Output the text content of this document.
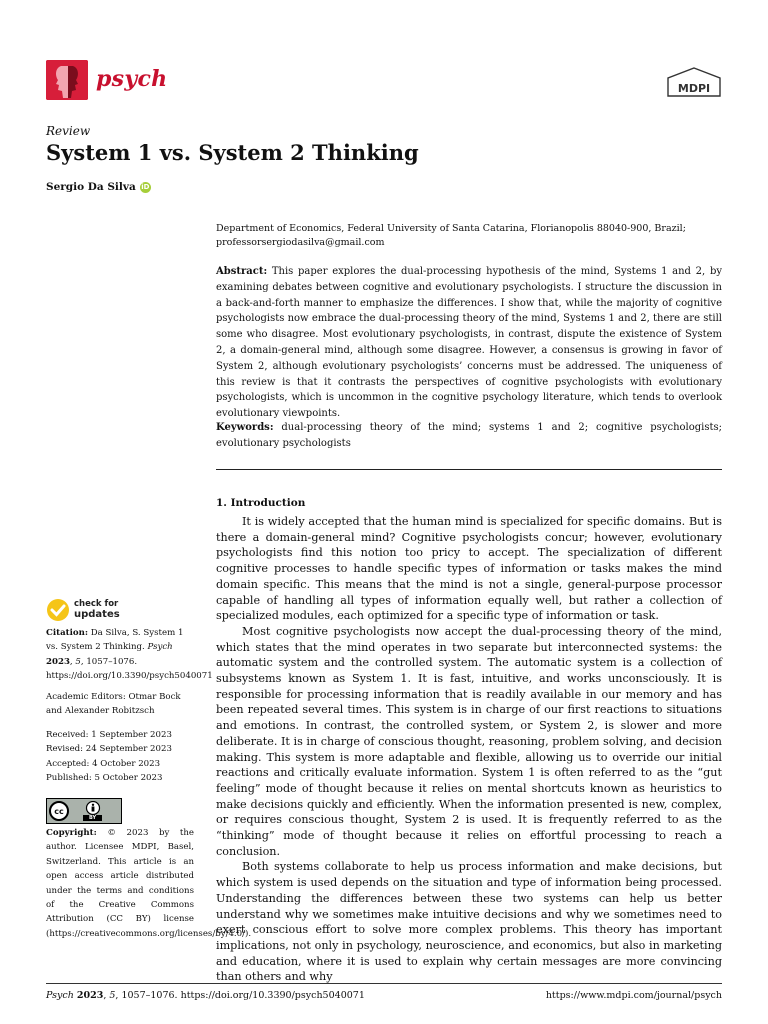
psych	MDPI
Review
System 1 vs. System 2 Thinking
Sergio Da Silva iD
Department of Economics, Federal University of Santa Catarina, Florianopolis 88040-900, Brazil;
professorsergiodasilva@gmail.com

Abstract: This paper explores the dual-processing hypothesis of the mind, Systems 1 and 2, by examining debates between cognitive and evolutionary psychologists. I structure the discussion in a back-and-forth manner to emphasize the differences. I show that, while the majority of cognitive psychologists now embrace the dual-processing theory of the mind, Systems 1 and 2, there are still some who disagree. Most evolutionary psychologists, in contrast, dispute the existence of System 2, a domain-general mind, although some disagree. However, a consensus is growing in favor of System 2, although evolutionary psychologists’ concerns must be addressed. The uniqueness of this review is that it contrasts the perspectives of cognitive psychologists with evolutionary psychologists, which is uncommon in the cognitive psychology literature, which tends to overlook evolutionary viewpoints.

Keywords: dual-processing theory of the mind; systems 1 and 2; cognitive psychologists; evolutionary psychologists

1. Introduction

It is widely accepted that the human mind is specialized for specific domains. But is there a domain-general mind? Cognitive psychologists concur; however, evolutionary psychologists find this notion too pricy to accept. The specialization of different cognitive processes to handle specific types of information or tasks makes the mind domain specific. This means that the mind is not a single, general-purpose processor capable of handling all types of information equally well, but rather a collection of specialized modules, each optimized for a specific type of information or task.

Most cognitive psychologists now accept the dual-processing theory of the mind, which states that the mind operates in two separate but interconnected systems: the automatic system and the controlled system. The automatic system is a collection of subsystems known as System 1. It is fast, intuitive, and works unconsciously. It is responsible for processing information that is readily available in our memory and has been repeated several times. This system is in charge of our first reactions to situations and emotions. In contrast, the controlled system, or System 2, is slower and more deliberate. It is in charge of conscious thought, reasoning, problem solving, and decision making. This system is more adaptable and flexible, allowing us to override our initial reactions and critically evaluate information. System 1 is often referred to as the “gut feeling” mode of thought because it relies on mental shortcuts known as heuristics to make decisions quickly and efficiently. When the information presented is new, complex, or requires conscious thought, System 2 is used. It is frequently referred to as the “thinking” mode of thought because it relies on effortful processing to reach a conclusion.

Both systems collaborate to help us process information and make decisions, but which system is used depends on the situation and type of information being processed. Understanding the differences between these two systems can help us better understand why we sometimes make intuitive decisions and why we sometimes need to exert conscious effort to solve more complex problems. This theory has important implications, not only in psychology, neuroscience, and economics, but also in marketing and education, where it is used to explain why certain messages are more convincing than others and why

check for
updates
Citation: Da Silva, S. System 1 vs. System 2 Thinking. Psych 2023, 5, 1057–1076. https://doi.org/10.3390/psych5040071
Academic Editors: Otmar Bock and Alexander Robitzsch
Received: 1 September 2023
Revised: 24 September 2023
Accepted: 4 October 2023
Published: 5 October 2023
cc
BY
Copyright: © 2023 by the author. Licensee MDPI, Basel, Switzerland. This article is an open access article distributed under the terms and conditions of the Creative Commons Attribution (CC BY) license (https://creativecommons.org/licenses/by/4.0/).
Psych 2023, 5, 1057–1076. https://doi.org/10.3390/psych5040071	https://www.mdpi.com/journal/psych
